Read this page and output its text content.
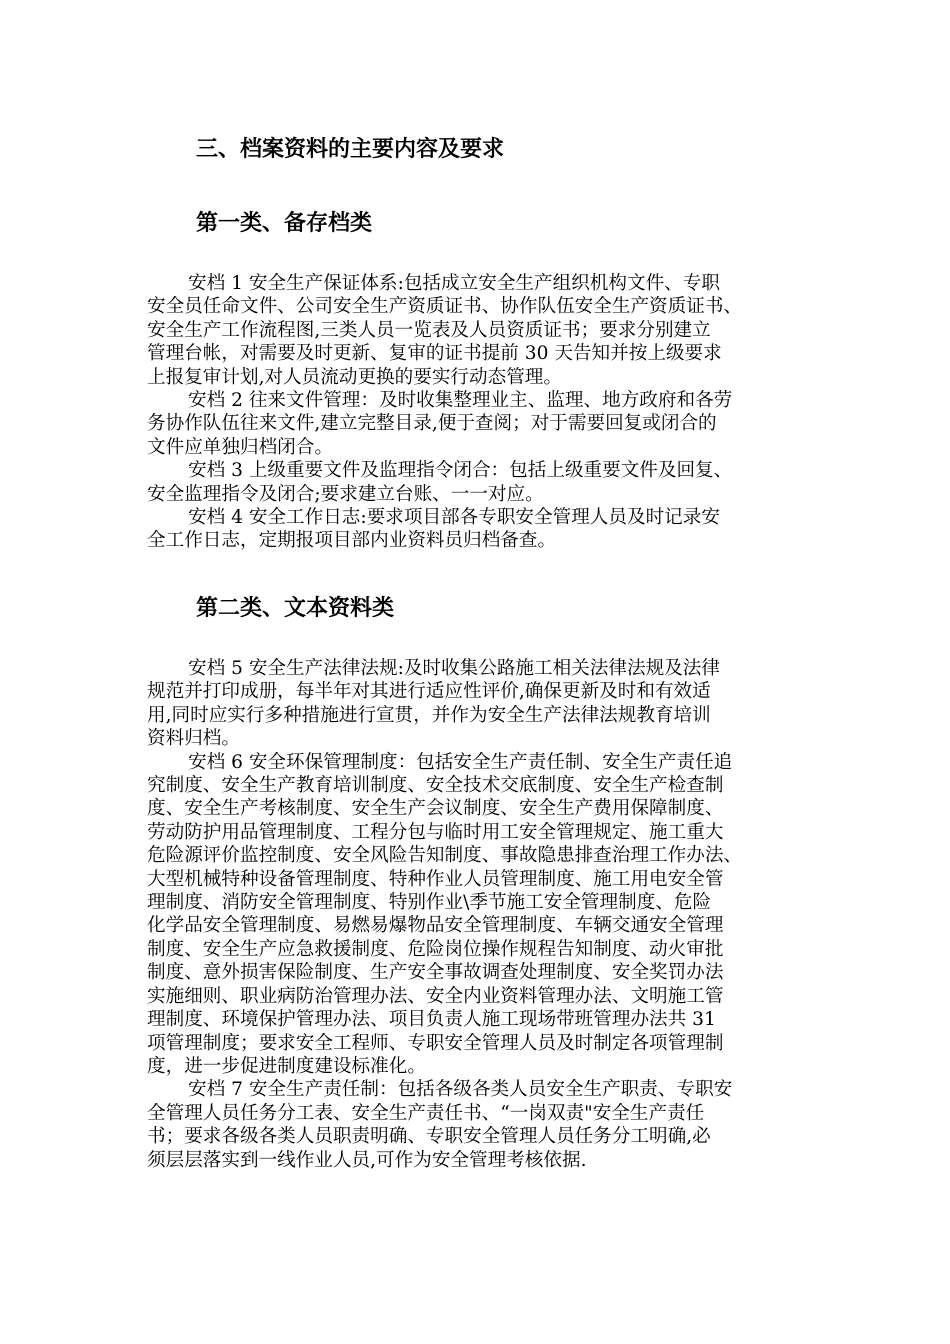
三、档案资料的主要内容及要求
第一类、备存档类

安档 1 安全生产保证体系:包括成立安全生产组织机构文件、专职
安全员任命文件、公司安全生产资质证书、协作队伍安全生产资质证书、
安全生产工作流程图,三类人员一览表及人员资质证书；要求分别建立
管理台帐，对需要及时更新、复审的证书提前 30 天告知并按上级要求
上报复审计划,对人员流动更换的要实行动态管理。

安档 2 往来文件管理：及时收集整理业主、监理、地方政府和各劳
务协作队伍往来文件,建立完整目录,便于查阅；对于需要回复或闭合的
文件应单独归档闭合。

安档 3 上级重要文件及监理指令闭合：包括上级重要文件及回复、
安全监理指令及闭合;要求建立台账、一一对应。

安档 4 安全工作日志:要求项目部各专职安全管理人员及时记录安
全工作日志，定期报项目部内业资料员归档备查。

第二类、文本资料类

安档 5 安全生产法律法规:及时收集公路施工相关法律法规及法律
规范并打印成册，每半年对其进行适应性评价,确保更新及时和有效适
用,同时应实行多种措施进行宣贯，并作为安全生产法律法规教育培训
资料归档。

安档 6 安全环保管理制度：包括安全生产责任制、安全生产责任追
究制度、安全生产教育培训制度、安全技术交底制度、安全生产检查制
度、安全生产考核制度、安全生产会议制度、安全生产费用保障制度、
劳动防护用品管理制度、工程分包与临时用工安全管理规定、施工重大
危险源评价监控制度、安全风险告知制度、事故隐患排查治理工作办法、
大型机械特种设备管理制度、特种作业人员管理制度、施工用电安全管
理制度、消防安全管理制度、特别作业\季节施工安全管理制度、危险
化学品安全管理制度、易燃易爆物品安全管理制度、车辆交通安全管理
制度、安全生产应急救援制度、危险岗位操作规程告知制度、动火审批
制度、意外损害保险制度、生产安全事故调查处理制度、安全奖罚办法
实施细则、职业病防治管理办法、安全内业资料管理办法、文明施工管
理制度、环境保护管理办法、项目负责人施工现场带班管理办法共 31
项管理制度；要求安全工程师、专职安全管理人员及时制定各项管理制
度，进一步促进制度建设标准化。

安档 7 安全生产责任制：包括各级各类人员安全生产职责、专职安
全管理人员任务分工表、安全生产责任书、“一岗双责"安全生产责任
书；要求各级各类人员职责明确、专职安全管理人员任务分工明确,必
须层层落实到一线作业人员,可作为安全管理考核依据.
